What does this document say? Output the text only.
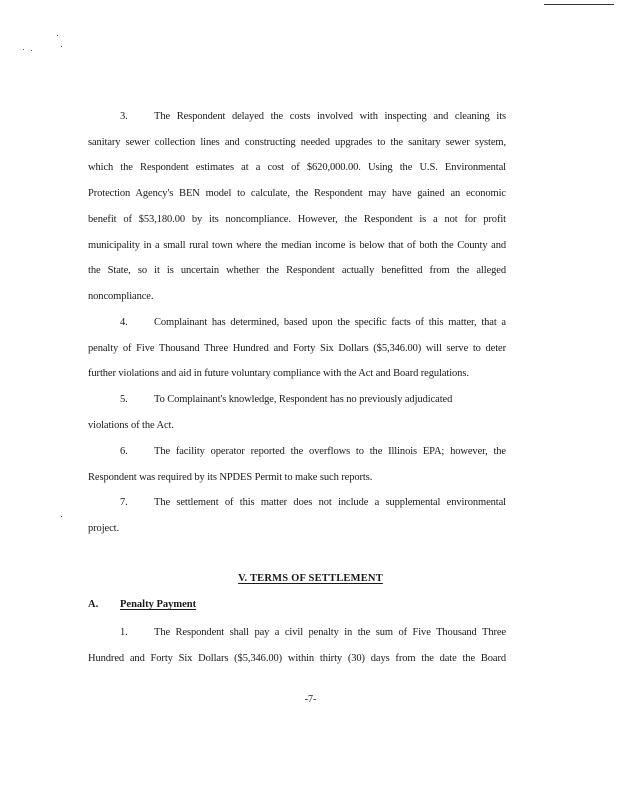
3.	The Respondent delayed the costs involved with inspecting and cleaning its
sanitary sewer collection lines and constructing needed upgrades to the sanitary sewer system,
which the Respondent estimates at a cost of $620,000.00. Using the U.S. Environmental
Protection Agency's BEN model to calculate, the Respondent may have gained an economic
benefit of $53,180.00 by its noncompliance. However, the Respondent is a not for profit
municipality in a small rural town where the median income is below that of both the County and
the State, so it is uncertain whether the Respondent actually benefitted from the alleged
noncompliance.
4.	Complainant has determined, based upon the specific facts of this matter, that a
penalty of Five Thousand Three Hundred and Forty Six Dollars ($5,346.00) will serve to deter
further violations and aid in future voluntary compliance with the Act and Board regulations.
5.	To Complainant's knowledge, Respondent has no previously adjudicated
violations of the Act.
6.	The facility operator reported the overflows to the Illinois EPA; however, the
Respondent was required by its NPDES Permit to make such reports.
7.	The settlement of this matter does not include a supplemental environmental
project.
V. TERMS OF SETTLEMENT
A. Penalty Payment
1.	The Respondent shall pay a civil penalty in the sum of Five Thousand Three
Hundred and Forty Six Dollars ($5,346.00) within thirty (30) days from the date the Board
-7-
